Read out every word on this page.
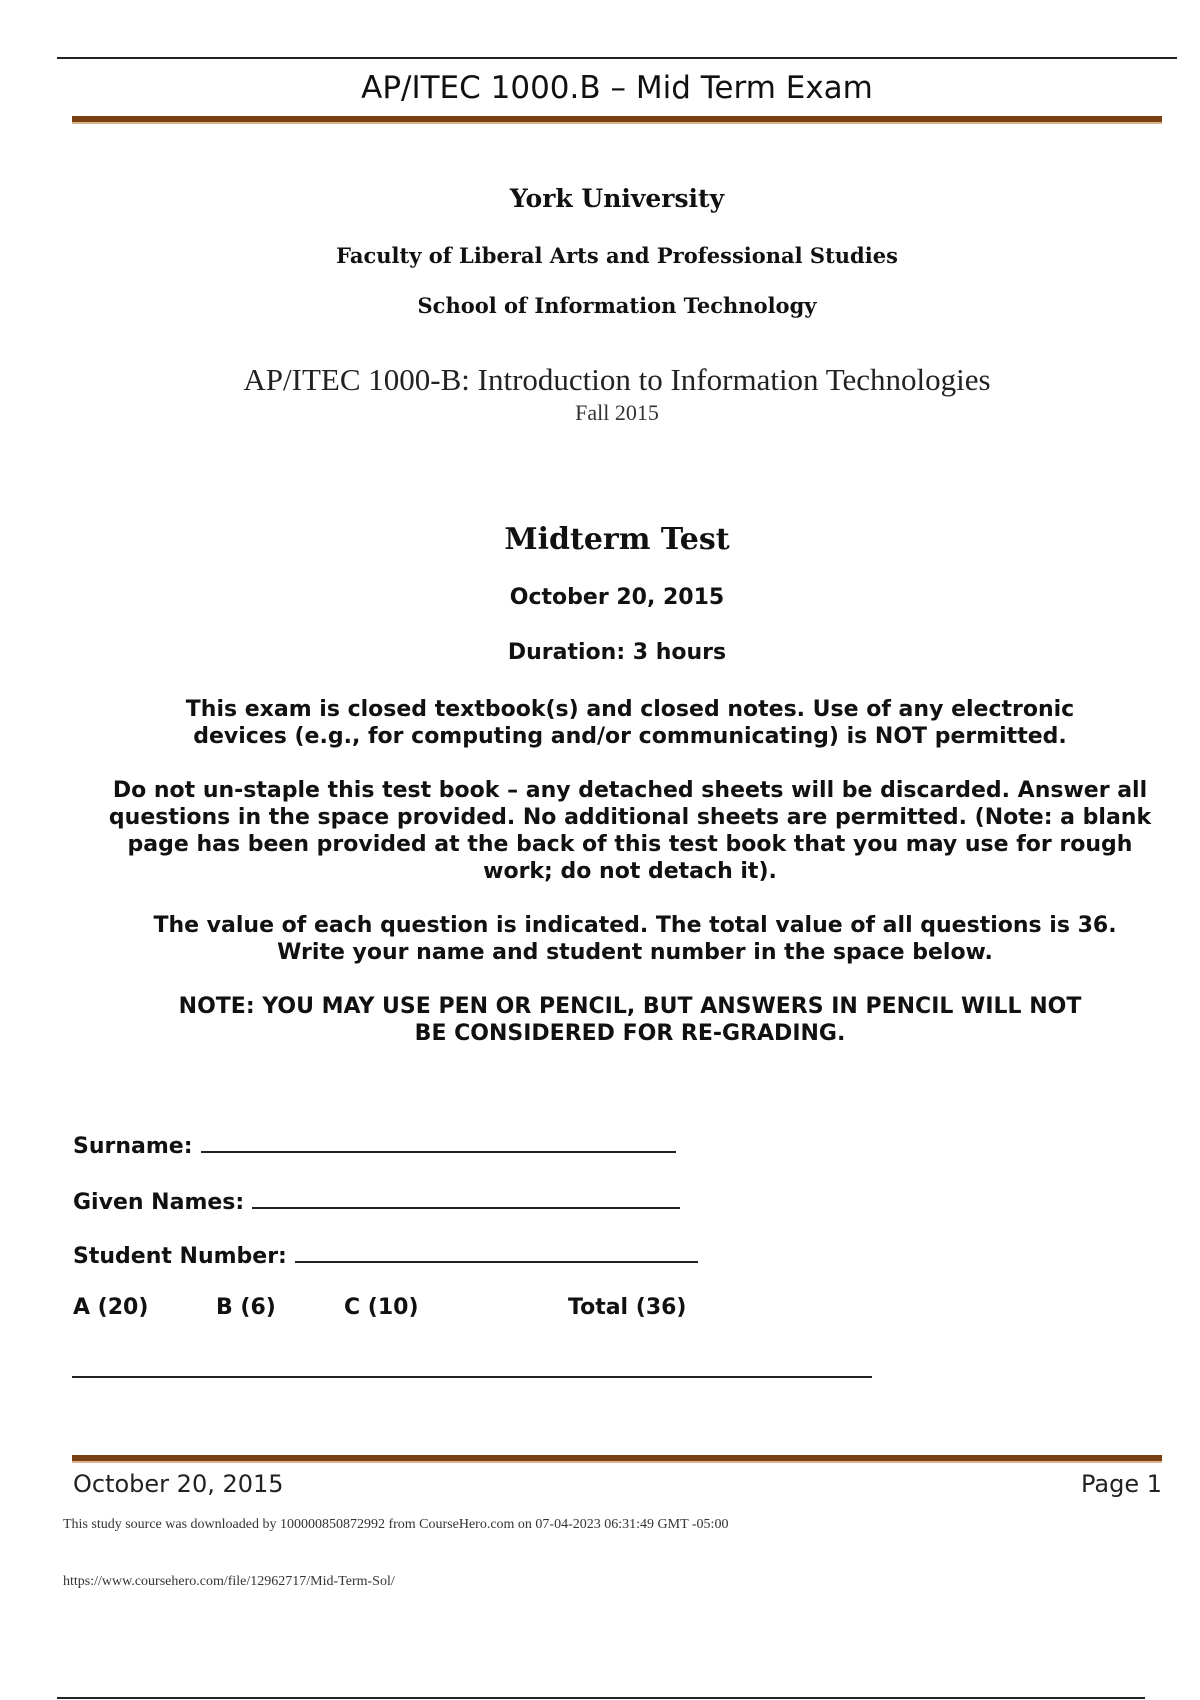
AP/ITEC 1000.B – Mid Term Exam
York University
Faculty of Liberal Arts and Professional Studies
School of Information Technology
AP/ITEC 1000-B: Introduction to Information Technologies
Fall 2015
Midterm Test
October 20, 2015
Duration: 3 hours
This exam is closed textbook(s) and closed notes. Use of any electronic devices (e.g., for computing and/or communicating) is NOT permitted.
Do not un-staple this test book – any detached sheets will be discarded. Answer all questions in the space provided. No additional sheets are permitted. (Note: a blank page has been provided at the back of this test book that you may use for rough work; do not detach it).
The value of each question is indicated. The total value of all questions is 36. Write your name and student number in the space below.
NOTE: YOU MAY USE PEN OR PENCIL, BUT ANSWERS IN PENCIL WILL NOT BE CONSIDERED FOR RE-GRADING.
Surname:
Given Names:
Student Number:
A (20)	B (6)	C (10)	Total (36)
October 20, 2015	Page 1
This study source was downloaded by 100000850872992 from CourseHero.com on 07-04-2023 06:31:49 GMT -05:00
https://www.coursehero.com/file/12962717/Mid-Term-Sol/
